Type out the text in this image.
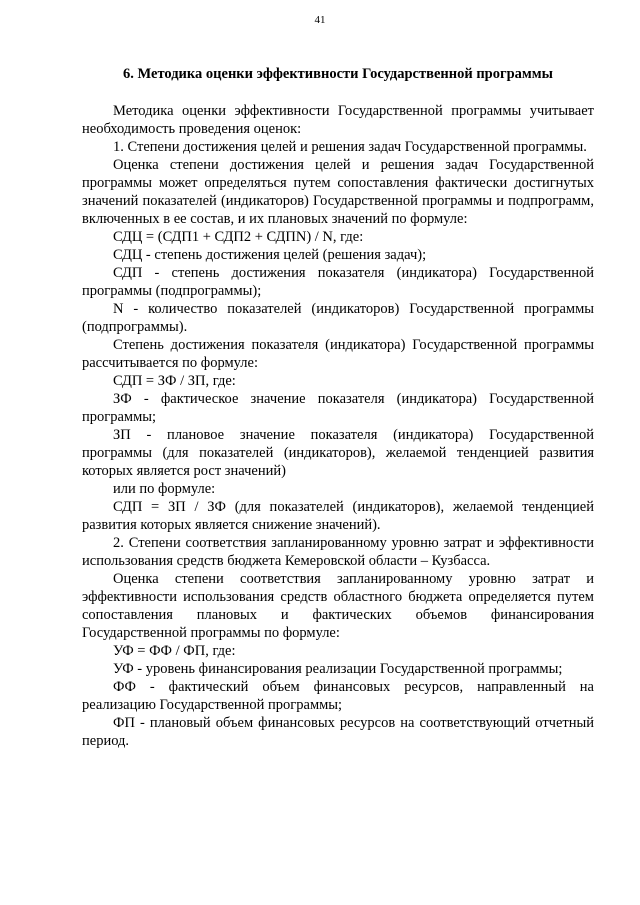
41
6. Методика оценки эффективности Государственной программы

Методика оценки эффективности Государственной программы учитывает необходимость проведения оценок:

1. Степени достижения целей и решения задач Государственной программы.

Оценка степени достижения целей и решения задач Государственной программы может определяться путем сопоставления фактически достигнутых значений показателей (индикаторов) Государственной программы и подпрограмм, включенных в ее состав, и их плановых значений по формуле:

СДЦ = (СДП1 + СДП2 + СДПN) / N, где:

СДЦ - степень достижения целей (решения задач);

СДП - степень достижения показателя (индикатора) Государственной программы (подпрограммы);

N - количество показателей (индикаторов) Государственной программы (подпрограммы).

Степень достижения показателя (индикатора) Государственной программы рассчитывается по формуле:

СДП = ЗФ / ЗП, где:

ЗФ - фактическое значение показателя (индикатора) Государственной программы;

ЗП - плановое значение показателя (индикатора) Государственной программы (для показателей (индикаторов), желаемой тенденцией развития которых является рост значений)

или по формуле:

СДП = ЗП / ЗФ (для показателей (индикаторов), желаемой тенденцией развития которых является снижение значений).

2. Степени соответствия запланированному уровню затрат и эффективности использования средств бюджета Кемеровской области – Кузбасса.

Оценка степени соответствия запланированному уровню затрат и эффективности использования средств областного бюджета определяется путем сопоставления плановых и фактических объемов финансирования Государственной программы по формуле:

УФ = ФФ / ФП, где:

УФ - уровень финансирования реализации Государственной программы;

ФФ - фактический объем финансовых ресурсов, направленный на реализацию Государственной программы;

ФП - плановый объем финансовых ресурсов на соответствующий отчетный период.
